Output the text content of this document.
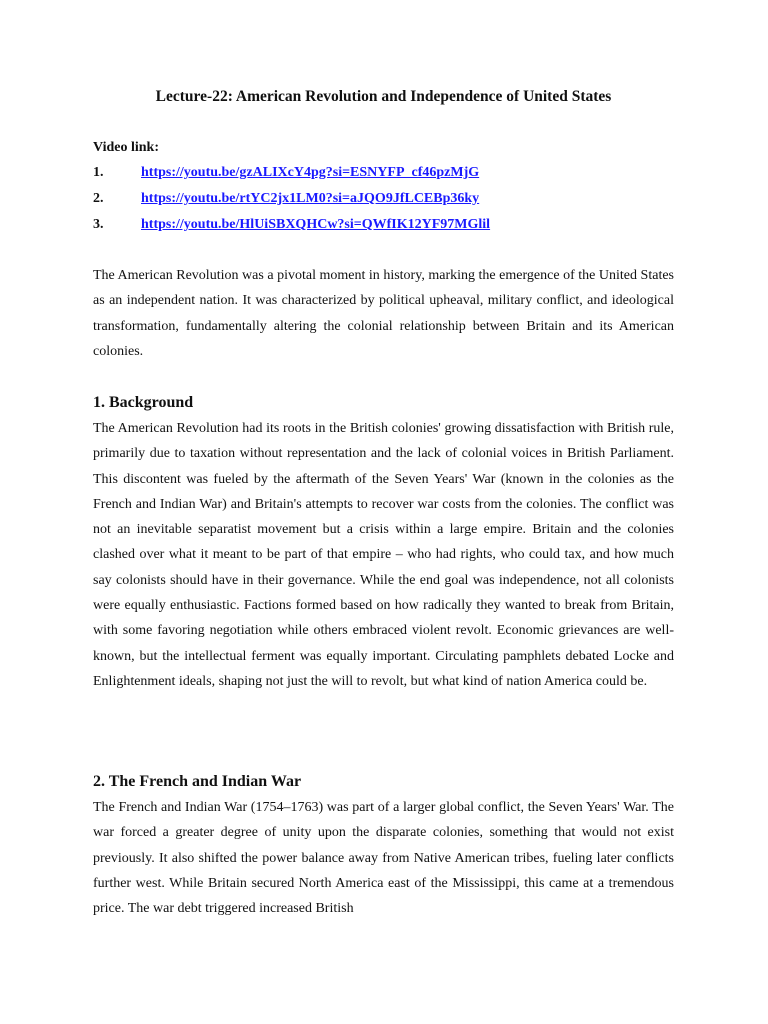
Lecture-22: American Revolution and Independence of United States
Video link:
1.	https://youtu.be/gzALIXcY4pg?si=ESNYFP_cf46pzMjG
2.	https://youtu.be/rtYC2jx1LM0?si=aJQO9JfLCEBp36ky
3.	https://youtu.be/HlUiSBXQHCw?si=QWfIK12YF97MGlil

The American Revolution was a pivotal moment in history, marking the emergence of the United States as an independent nation. It was characterized by political upheaval, military conflict, and ideological transformation, fundamentally altering the colonial relationship between Britain and its American colonies.

1. Background

The American Revolution had its roots in the British colonies' growing dissatisfaction with British rule, primarily due to taxation without representation and the lack of colonial voices in British Parliament. This discontent was fueled by the aftermath of the Seven Years' War (known in the colonies as the French and Indian War) and Britain's attempts to recover war costs from the colonies. The conflict was not an inevitable separatist movement but a crisis within a large empire. Britain and the colonies clashed over what it meant to be part of that empire – who had rights, who could tax, and how much say colonists should have in their governance. While the end goal was independence, not all colonists were equally enthusiastic. Factions formed based on how radically they wanted to break from Britain, with some favoring negotiation while others embraced violent revolt. Economic grievances are well-known, but the intellectual ferment was equally important. Circulating pamphlets debated Locke and Enlightenment ideals, shaping not just the will to revolt, but what kind of nation America could be.

2. The French and Indian War

The French and Indian War (1754–1763) was part of a larger global conflict, the Seven Years' War. The war forced a greater degree of unity upon the disparate colonies, something that would not exist previously. It also shifted the power balance away from Native American tribes, fueling later conflicts further west. While Britain secured North America east of the Mississippi, this came at a tremendous price. The war debt triggered increased British
